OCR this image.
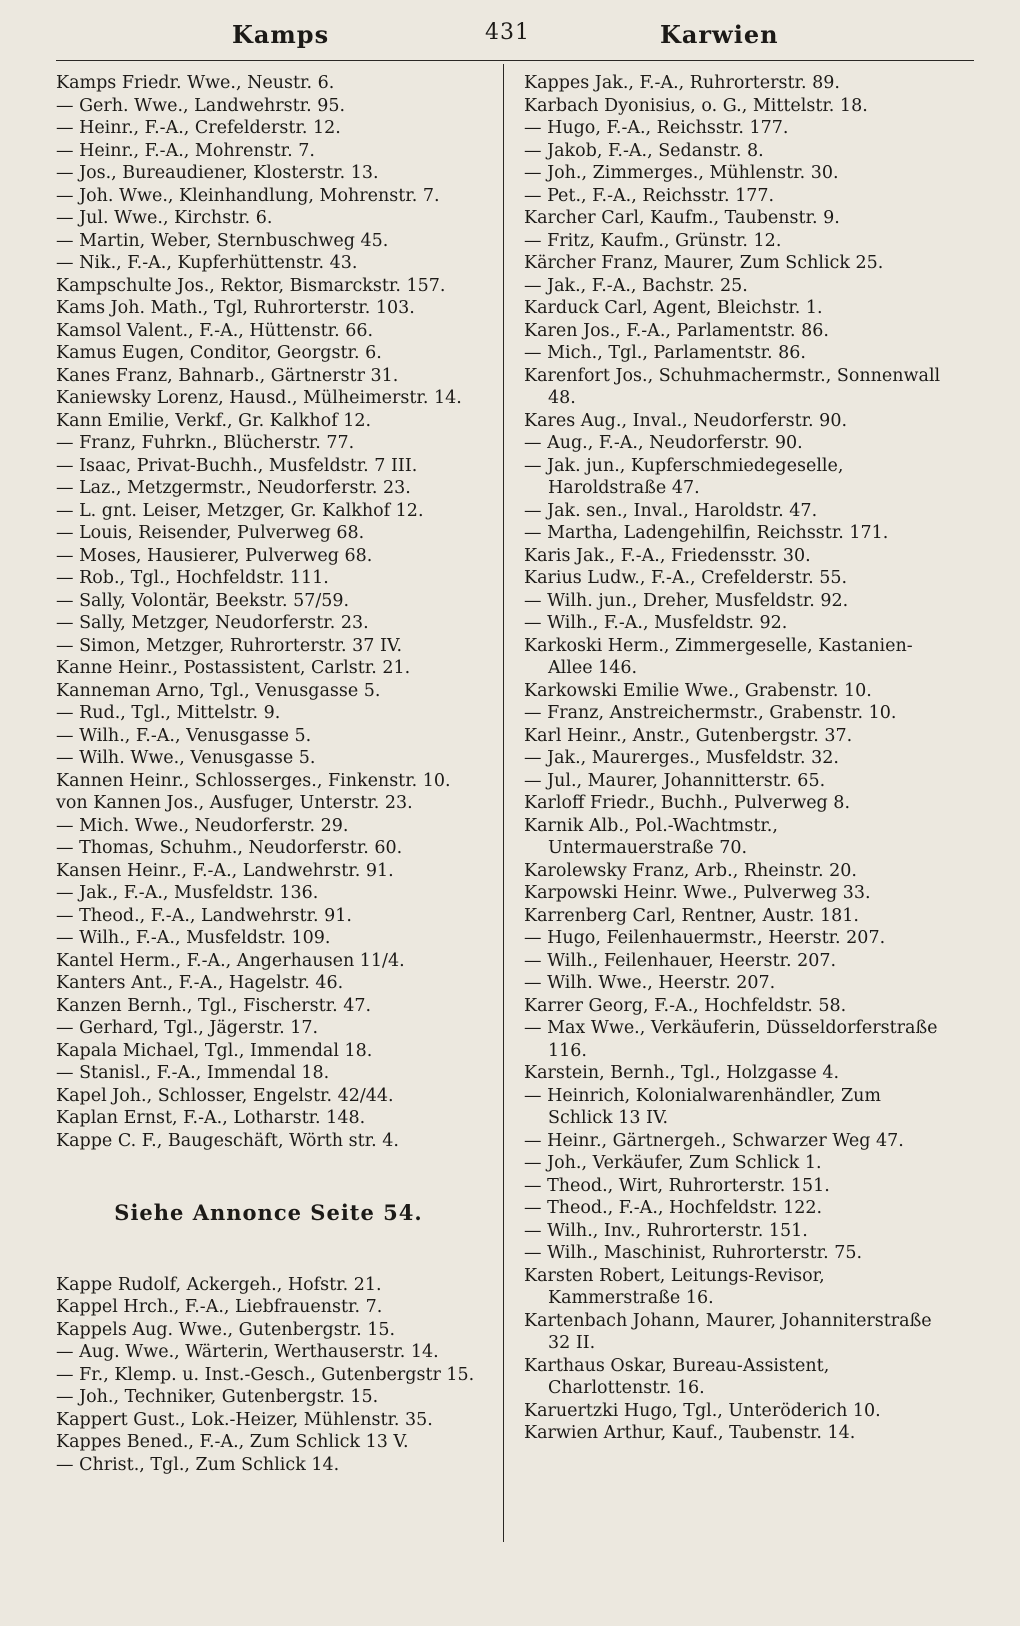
Kamps	431	Karwien
Kamps Friedr. Wwe., Neustr. 6.
— Gerh. Wwe., Landwehrstr. 95.
— Heinr., F.-A., Crefelderstr. 12.
— Heinr., F.-A., Mohrenstr. 7.
— Jos., Bureaudiener, Klosterstr. 13.
— Joh. Wwe., Kleinhandlung, Mohrenstr. 7.
— Jul. Wwe., Kirchstr. 6.
— Martin, Weber, Sternbuschweg 45.
— Nik., F.-A., Kupferhüttenstr. 43.
Kampschulte Jos., Rektor, Bismarckstr. 157.
Kams Joh. Math., Tgl, Ruhrorterstr. 103.
Kamsol Valent., F.-A., Hüttenstr. 66.
Kamus Eugen, Conditor, Georgstr. 6.
Kanes Franz, Bahnarb., Gärtnerstr 31.
Kaniewsky Lorenz, Hausd., Mülheimerstr. 14.
Kann Emilie, Verkf., Gr. Kalkhof 12.
— Franz, Fuhrkn., Blücherstr. 77.
— Isaac, Privat-Buchh., Musfeldstr. 7 III.
— Laz., Metzgermstr., Neudorferstr. 23.
— L. gnt. Leiser, Metzger, Gr. Kalkhof 12.
— Louis, Reisender, Pulverweg 68.
— Moses, Hausierer, Pulverweg 68.
— Rob., Tgl., Hochfeldstr. 111.
— Sally, Volontär, Beekstr. 57/59.
— Sally, Metzger, Neudorferstr. 23.
— Simon, Metzger, Ruhrorterstr. 37 IV.
Kanne Heinr., Postassistent, Carlstr. 21.
Kanneman Arno, Tgl., Venusgasse 5.
— Rud., Tgl., Mittelstr. 9.
— Wilh., F.-A., Venusgasse 5.
— Wilh. Wwe., Venusgasse 5.
Kannen Heinr., Schlosserges., Finkenstr. 10.
von Kannen Jos., Ausfuger, Unterstr. 23.
— Mich. Wwe., Neudorferstr. 29.
— Thomas, Schuhm., Neudorferstr. 60.
Kansen Heinr., F.-A., Landwehrstr. 91.
— Jak., F.-A., Musfeldstr. 136.
— Theod., F.-A., Landwehrstr. 91.
— Wilh., F.-A., Musfeldstr. 109.
Kantel Herm., F.-A., Angerhausen 11/4.
Kanters Ant., F.-A., Hagelstr. 46.
Kanzen Bernh., Tgl., Fischerstr. 47.
— Gerhard, Tgl., Jägerstr. 17.
Kapala Michael, Tgl., Immendal 18.
— Stanisl., F.-A., Immendal 18.
Kapel Joh., Schlosser, Engelstr. 42/44.
Kaplan Ernst, F.-A., Lotharstr. 148.
Kappe C. F., Baugeschäft, Wörth str. 4.
Siehe Annonce Seite 54.
Kappe Rudolf, Ackergeh., Hofstr. 21.
Kappel Hrch., F.-A., Liebfrauenstr. 7.
Kappels Aug. Wwe., Gutenbergstr. 15.
— Aug. Wwe., Wärterin, Werthauserstr. 14.
— Fr., Klemp. u. Inst.-Gesch., Gutenbergstr 15.
— Joh., Techniker, Gutenbergstr. 15.
Kappert Gust., Lok.-Heizer, Mühlenstr. 35.
Kappes Bened., F.-A., Zum Schlick 13 V.
— Christ., Tgl., Zum Schlick 14.
Kappes Jak., F.-A., Ruhrorterstr. 89.
Karbach Dyonisius, o. G., Mittelstr. 18.
— Hugo, F.-A., Reichsstr. 177.
— Jakob, F.-A., Sedanstr. 8.
— Joh., Zimmerges., Mühlenstr. 30.
— Pet., F.-A., Reichsstr. 177.
Karcher Carl, Kaufm., Taubenstr. 9.
— Fritz, Kaufm., Grünstr. 12.
Kärcher Franz, Maurer, Zum Schlick 25.
— Jak., F.-A., Bachstr. 25.
Karduck Carl, Agent, Bleichstr. 1.
Karen Jos., F.-A., Parlamentstr. 86.
— Mich., Tgl., Parlamentstr. 86.
Karenfort Jos., Schuhmachermstr., Sonnenwall 48.
Kares Aug., Inval., Neudorferstr. 90.
— Aug., F.-A., Neudorferstr. 90.
— Jak. jun., Kupferschmiedegeselle, Haroldstraße 47.
— Jak. sen., Inval., Haroldstr. 47.
— Martha, Ladengehilfin, Reichsstr. 171.
Karis Jak., F.-A., Friedensstr. 30.
Karius Ludw., F.-A., Crefelderstr. 55.
— Wilh. jun., Dreher, Musfeldstr. 92.
— Wilh., F.-A., Musfeldstr. 92.
Karkoski Herm., Zimmergeselle, Kastanien-Allee 146.
Karkowski Emilie Wwe., Grabenstr. 10.
— Franz, Anstreichermstr., Grabenstr. 10.
Karl Heinr., Anstr., Gutenbergstr. 37.
— Jak., Maurerges., Musfeldstr. 32.
— Jul., Maurer, Johannitterstr. 65.
Karloff Friedr., Buchh., Pulverweg 8.
Karnik Alb., Pol.-Wachtmstr., Untermauerstraße 70.
Karolewsky Franz, Arb., Rheinstr. 20.
Karpowski Heinr. Wwe., Pulverweg 33.
Karrenberg Carl, Rentner, Austr. 181.
— Hugo, Feilenhauermstr., Heerstr. 207.
— Wilh., Feilenhauer, Heerstr. 207.
— Wilh. Wwe., Heerstr. 207.
Karrer Georg, F.-A., Hochfeldstr. 58.
— Max Wwe., Verkäuferin, Düsseldorferstraße 116.
Karstein, Bernh., Tgl., Holzgasse 4.
— Heinrich, Kolonialwarenhändler, Zum Schlick 13 IV.
— Heinr., Gärtnergeh., Schwarzer Weg 47.
— Joh., Verkäufer, Zum Schlick 1.
— Theod., Wirt, Ruhrorterstr. 151.
— Theod., F.-A., Hochfeldstr. 122.
— Wilh., Inv., Ruhrorterstr. 151.
— Wilh., Maschinist, Ruhrorterstr. 75.
Karsten Robert, Leitungs-Revisor, Kammerstraße 16.
Kartenbach Johann, Maurer, Johanniterstraße 32 II.
Karthaus Oskar, Bureau-Assistent, Charlottenstr. 16.
Karuertzki Hugo, Tgl., Unteröderich 10.
Karwien Arthur, Kauf., Taubenstr. 14.
